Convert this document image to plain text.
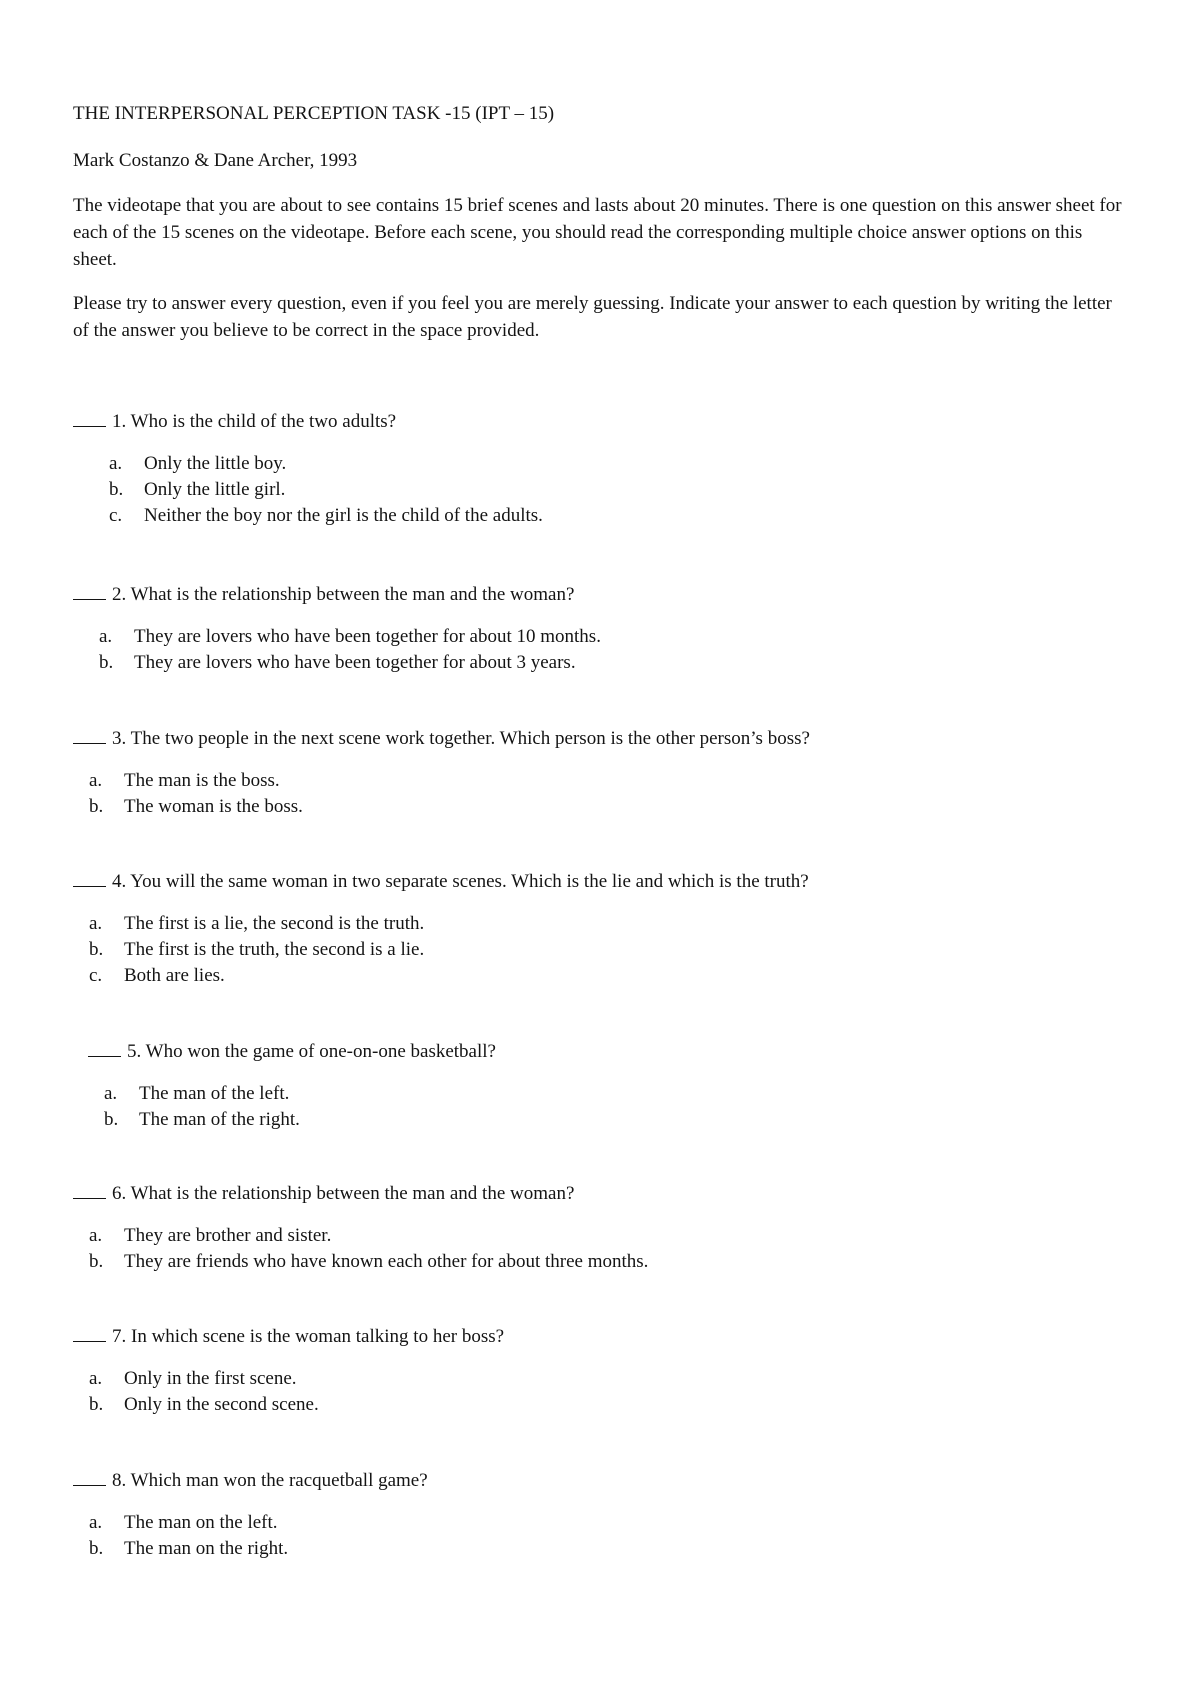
THE INTERPERSONAL PERCEPTION TASK -15 (IPT – 15)

Mark Costanzo & Dane Archer, 1993

The videotape that you are about to see contains 15 brief scenes and lasts about 20 minutes. There is one question on this answer sheet for each of the 15 scenes on the videotape. Before each scene, you should read the corresponding multiple choice answer options on this sheet.

Please try to answer every question, even if you feel you are merely guessing. Indicate your answer to each question by writing the letter of the answer you believe to be correct in the space provided.

1. Who is the child of the two adults?
a.	Only the little boy.
b.	Only the little girl.
c.	Neither the boy nor the girl is the child of the adults.
2. What is the relationship between the man and the woman?
a.	They are lovers who have been together for about 10 months.
b.	They are lovers who have been together for about 3 years.
3. The two people in the next scene work together. Which person is the other person’s boss?
a.	The man is the boss.
b.	The woman is the boss.
4. You will the same woman in two separate scenes. Which is the lie and which is the truth?
a.	The first is a lie, the second is the truth.
b.	The first is the truth, the second is a lie.
c.	Both are lies.
5. Who won the game of one-on-one basketball?
a.	The man of the left.
b.	The man of the right.
6. What is the relationship between the man and the woman?
a.	They are brother and sister.
b.	They are friends who have known each other for about three months.
7. In which scene is the woman talking to her boss?
a.	Only in the first scene.
b.	Only in the second scene.
8. Which man won the racquetball game?
a.	The man on the left.
b.	The man on the right.
